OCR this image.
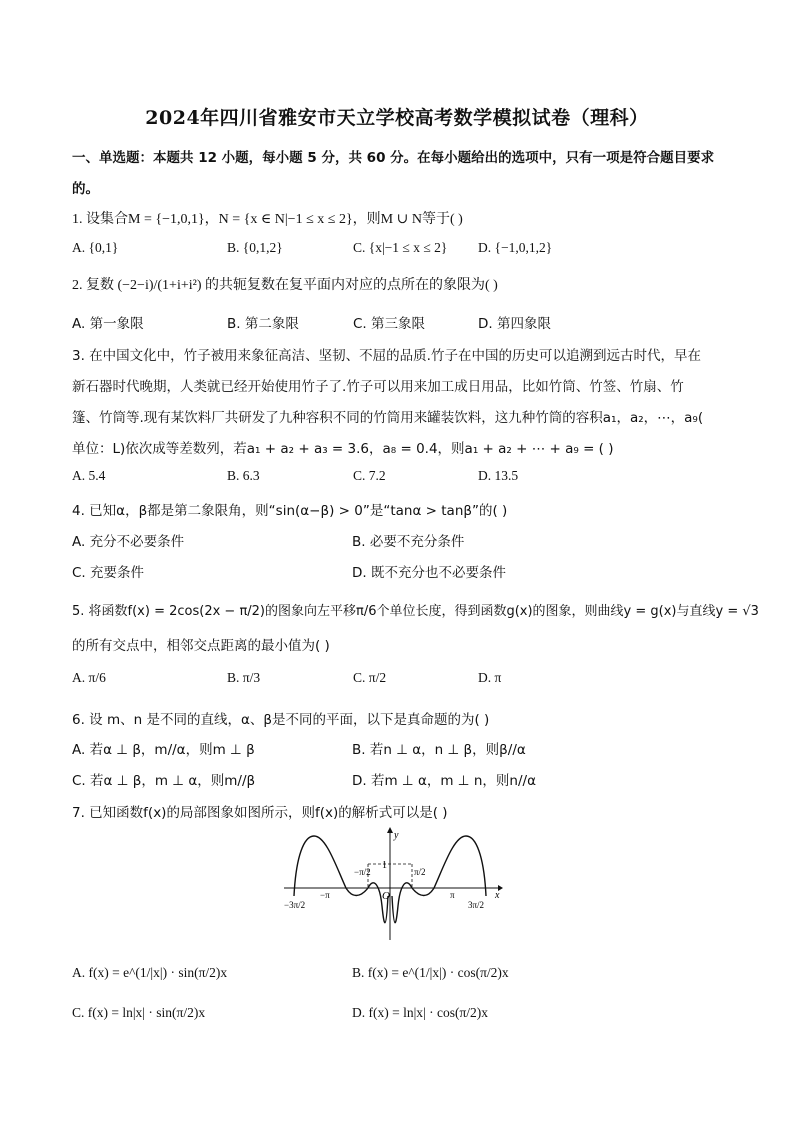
2024年四川省雅安市天立学校高考数学模拟试卷（理科）
一、单选题：本题共 12 小题，每小题 5 分，共 60 分。在每小题给出的选项中，只有一项是符合题目要求
的。
1. 设集合M = {−1,0,1}，N = {x ∈ N|−1 ≤ x ≤ 2}，则M ∪ N等于( )
A. {0,1}	B. {0,1,2}	C. {x|−1 ≤ x ≤ 2} D. {−1,0,1,2}
2. 复数 (−2−i)/(1+i+i²) 的共轭复数在复平面内对应的点所在的象限为( )
A. 第一象限	B. 第二象限	C. 第三象限	D. 第四象限
3. 在中国文化中，竹子被用来象征高洁、坚韧、不屈的品质.竹子在中国的历史可以追溯到远古时代，早在
新石器时代晚期，人类就已经开始使用竹子了.竹子可以用来加工成日用品，比如竹筒、竹签、竹扇、竹
篷、竹筒等.现有某饮料厂共研发了九种容积不同的竹筒用来罐装饮料，这九种竹筒的容积a₁，a₂，⋯，a₉(
单位：L)依次成等差数列，若a₁ + a₂ + a₃ = 3.6，a₈ = 0.4，则a₁ + a₂ + ⋯ + a₉ = ( )
A. 5.4	B. 6.3	C. 7.2	D. 13.5
4. 已知α，β都是第二象限角，则“sin(α−β) > 0”是“tanα > tanβ”的( )
A. 充分不必要条件	B. 必要不充分条件
C. 充要条件	D. 既不充分也不必要条件
5. 将函数f(x) = 2cos(2x − π/2)的图象向左平移π/6个单位长度，得到函数g(x)的图象，则曲线y = g(x)与直线y = √3
的所有交点中，相邻交点距离的最小值为( )
A. π/6	B. π/3	C. π/2	D. π
6. 设 m、n 是不同的直线，α、β是不同的平面，以下是真命题的为( )
A. 若α ⊥ β，m//α，则m ⊥ β	B. 若n ⊥ α，n ⊥ β，则β//α
C. 若α ⊥ β，m ⊥ α，则m//β	D. 若m ⊥ α，m ⊥ n，则n//α
7. 已知函数f(x)的局部图象如图所示，则f(x)的解析式可以是( )
y
x
O
1
−π/2	π/2
−3π/2
−π	π
3π/2
A. f(x) = e^(1/|x|) · sin(π/2)x	B. f(x) = e^(1/|x|) · cos(π/2)x
C. f(x) = ln|x| · sin(π/2)x	D. f(x) = ln|x| · cos(π/2)x
